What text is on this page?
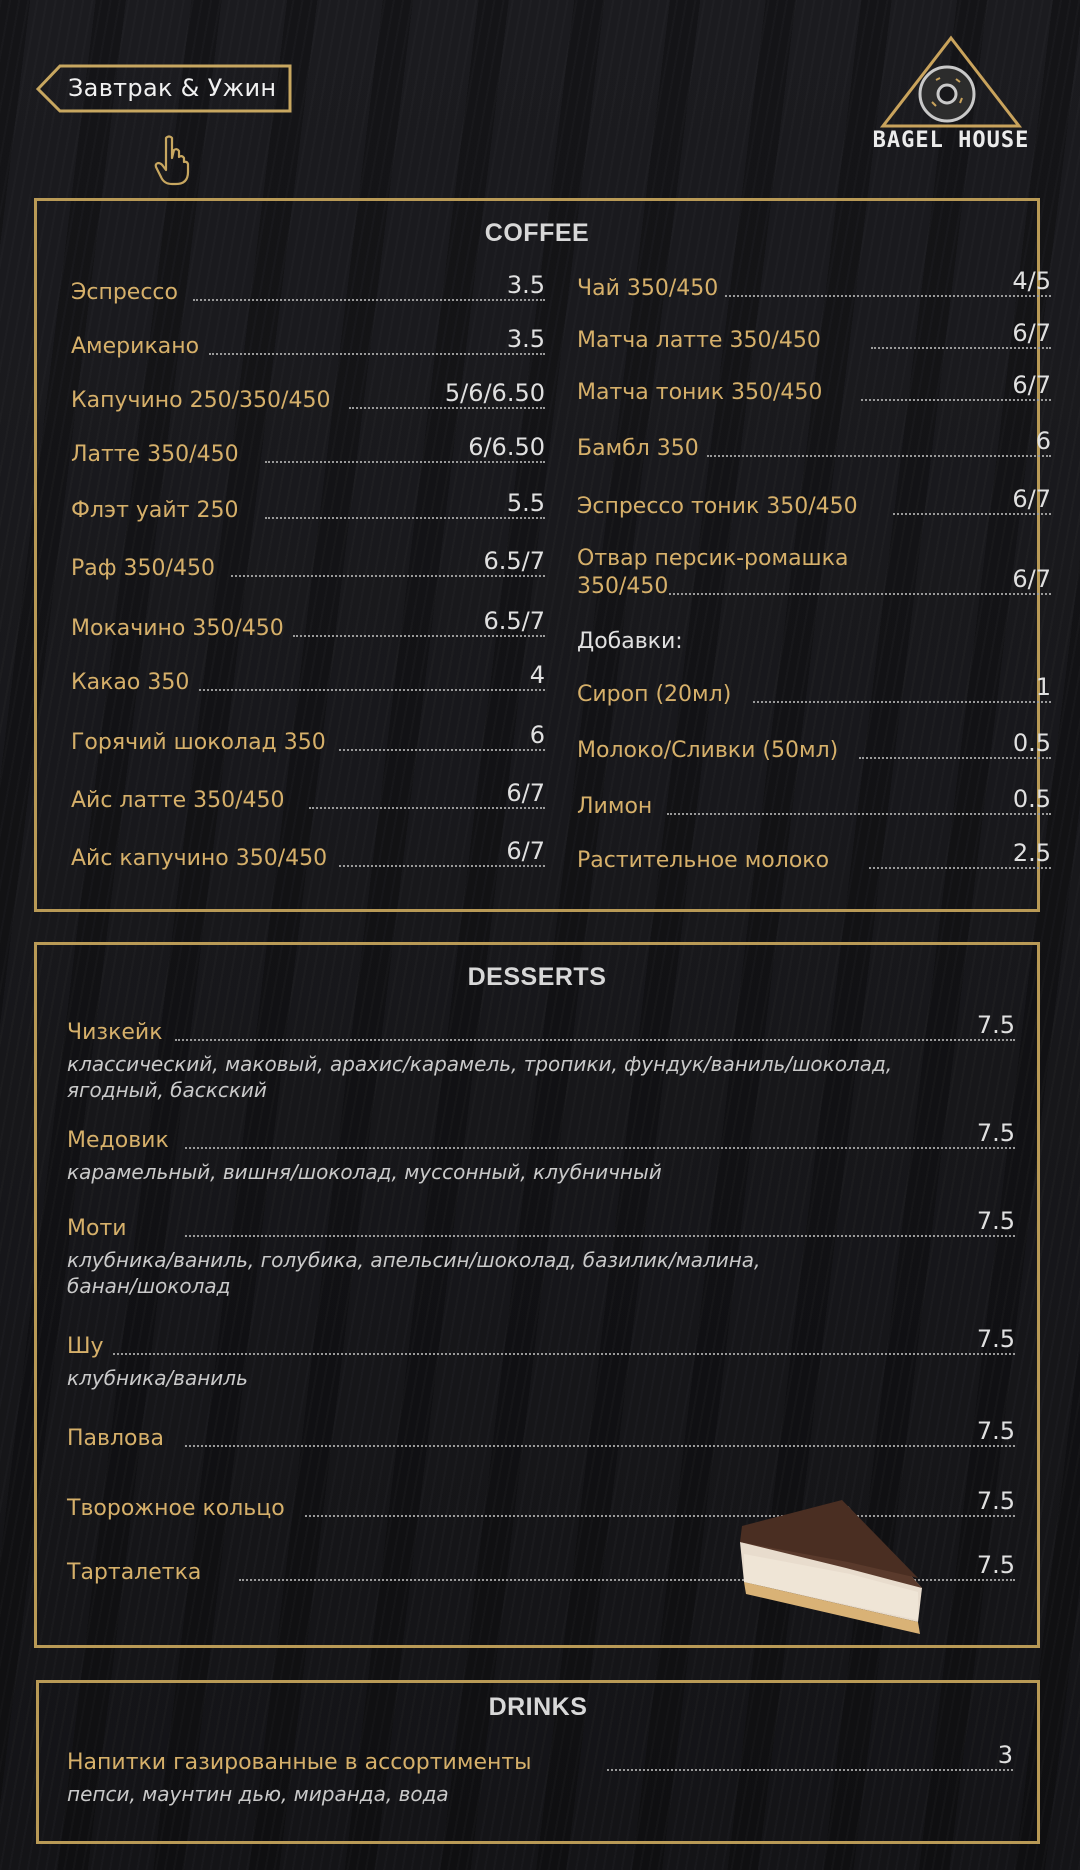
Завтрак & Ужин
BAGEL HOUSE
COFFEE
Эспрессо	3.5
Американо	3.5
Капучино 250/350/450	5/6/6.50
Латте 350/450	6/6.50
Флэт уайт 250	5.5
Раф 350/450	6.5/7
Мокачино 350/450	6.5/7
Какао 350	4
Горячий шоколад 350	6
Айс латте 350/450	6/7
Айс капучино 350/450	6/7
Чай 350/450	4/5
Матча латте 350/450	6/7
Матча тоник 350/450	6/7
Бамбл 350	6
Эспрессо тоник 350/450	6/7
Отвар персик-ромашка
350/450	6/7
Добавки:
Сироп (20мл)	1
Молоко/Сливки (50мл)	0.5
Лимон	0.5
Растительное молоко	2.5
DESSERTS
Чизкейк	7.5
классический, маковый, арахис/карамель, тропики, фундук/ваниль/шоколад,
ягодный, баскский
Медовик	7.5
карамельный, вишня/шоколад, муссонный, клубничный
Моти	7.5
клубника/ваниль, голубика, апельсин/шоколад, базилик/малина,
банан/шоколад
Шу	7.5
клубника/ваниль
Павлова	7.5
Творожное кольцо	7.5
Тарталетка	7.5
DRINKS
Напитки газированные в ассортименты	3
пепси, маунтин дью, миранда, вода
